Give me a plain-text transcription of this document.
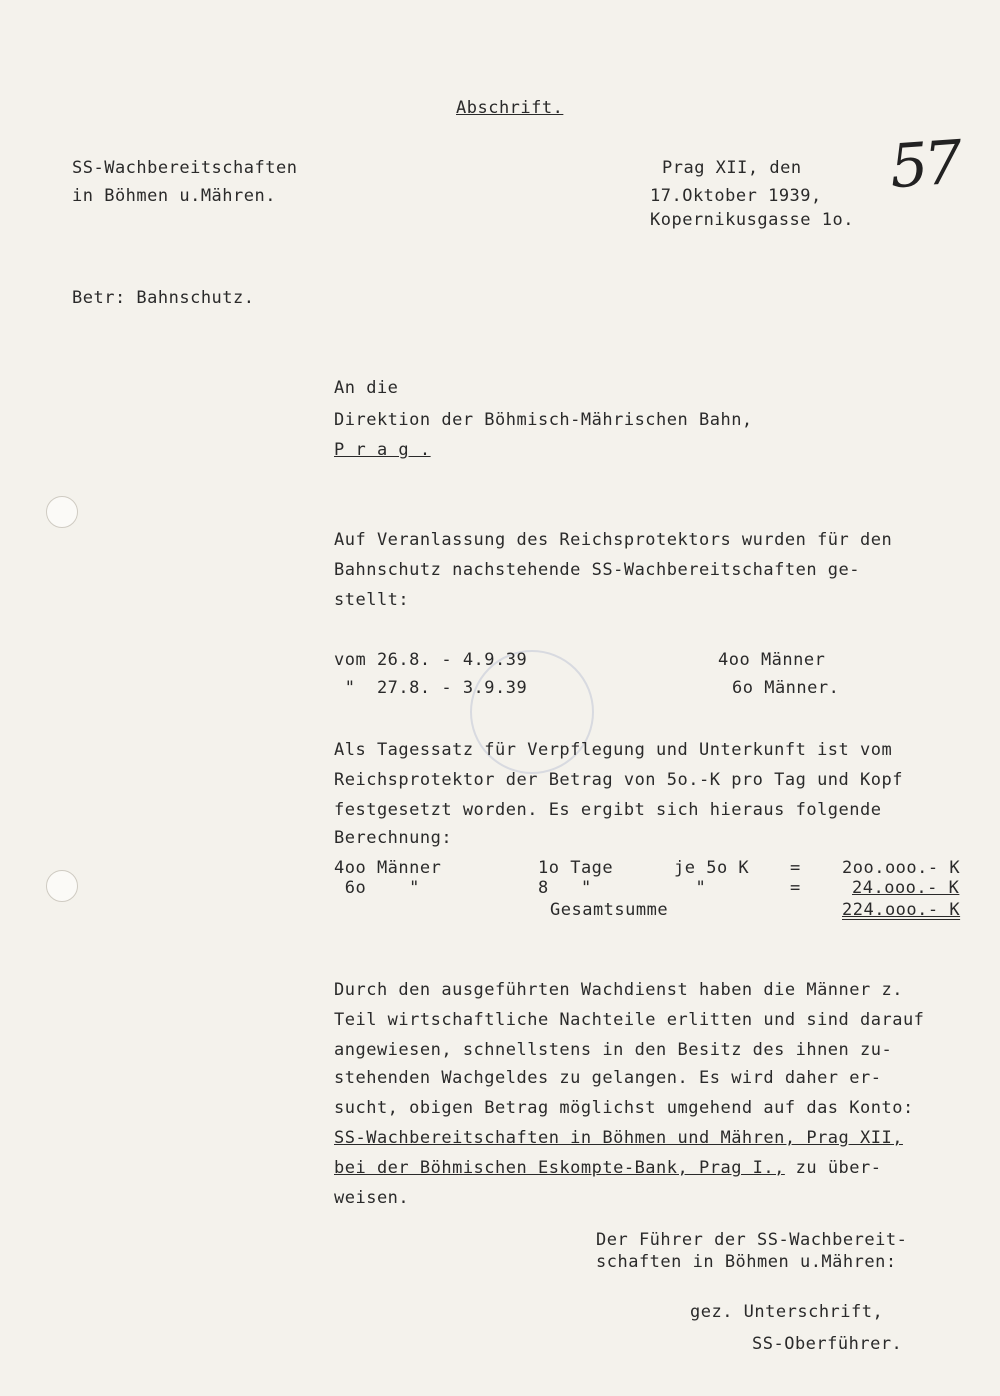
Abschrift.
SS-Wachbereitschaften
in Böhmen u.Mähren.
Prag XII, den
17.Oktober 1939,
Kopernikusgasse 1o.
57
Betr: Bahnschutz.
An die
Direktion der Böhmisch-Mährischen Bahn,
P r a g .
Auf Veranlassung des Reichsprotektors wurden für den
Bahnschutz nachstehende SS-Wachbereitschaften ge-
stellt:
vom 26.8. - 4.9.39	4oo Männer
"  27.8. - 3.9.39	6o Männer.
Als Tagessatz für Verpflegung und Unterkunft ist vom
Reichsprotektor der Betrag von 5o.-K pro Tag und Kopf
festgesetzt worden. Es ergibt sich hieraus folgende
Berechnung:
4oo Männer	1o Tage	je 5o K = 2oo.ooo.- K
6o    "	8   "	"	=	24.ooo.- K
Gesamtsumme	224.ooo.- K
Durch den ausgeführten Wachdienst haben die Männer z.
Teil wirtschaftliche Nachteile erlitten und sind darauf
angewiesen, schnellstens in den Besitz des ihnen zu-
stehenden Wachgeldes zu gelangen. Es wird daher er-
sucht, obigen Betrag möglichst umgehend auf das Konto:
SS-Wachbereitschaften in Böhmen und Mähren, Prag XII,
bei der Böhmischen Eskompte-Bank, Prag I., zu über-
weisen.
Der Führer der SS-Wachbereit-
schaften in Böhmen u.Mähren:
gez. Unterschrift,
SS-Oberführer.
